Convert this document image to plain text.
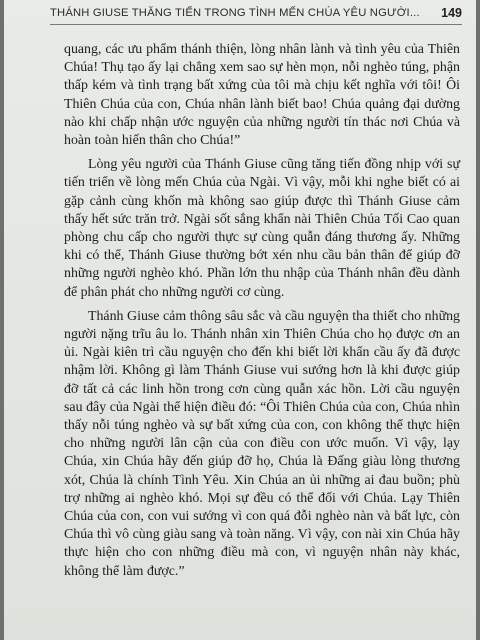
THÁNH GIUSE THĂNG TIẾN TRONG TÌNH MẾN CHÚA YÊU NGƯỜI... 149

quang, các ưu phẩm thánh thiện, lòng nhân lành và tình yêu của Thiên Chúa! Thụ tạo ấy lại chẳng xem sao sự hèn mọn, nỗi nghèo túng, phận thấp kém và tình trạng bất xứng của tôi mà chịu kết nghĩa với tôi! Ôi Thiên Chúa của con, Chúa nhân lành biết bao! Chúa quảng đại dường nào khi chấp nhận ước nguyện của những người tín thác nơi Chúa và hoàn toàn hiến thân cho Chúa!”

Lòng yêu người của Thánh Giuse cũng tăng tiến đồng nhịp với sự tiến triển về lòng mến Chúa của Ngài. Vì vậy, mỗi khi nghe biết có ai gặp cảnh cùng khốn mà không sao giúp được thì Thánh Giuse cảm thấy hết sức trăn trở. Ngài sốt sắng khẩn nài Thiên Chúa Tối Cao quan phòng chu cấp cho người thực sự cùng quẫn đáng thương ấy. Những khi có thể, Thánh Giuse thường bớt xén nhu cầu bản thân để giúp đỡ những người nghèo khó. Phần lớn thu nhập của Thánh nhân đều dành để phân phát cho những người cơ cùng.

Thánh Giuse cảm thông sâu sắc và cầu nguyện tha thiết cho những người nặng trĩu âu lo. Thánh nhân xin Thiên Chúa cho họ được ơn an ủi. Ngài kiên trì cầu nguyện cho đến khi biết lời khẩn cầu ấy đã được nhậm lời. Không gì làm Thánh Giuse vui sướng hơn là khi được giúp đỡ tất cả các linh hồn trong cơn cùng quẫn xác hồn. Lời cầu nguyện sau đây của Ngài thể hiện điều đó: “Ôi Thiên Chúa của con, Chúa nhìn thấy nỗi túng nghèo và sự bất xứng của con, con không thể thực hiện cho những người lân cận của con điều con ước muốn. Vì vậy, lạy Chúa, xin Chúa hãy đến giúp đỡ họ, Chúa là Đấng giàu lòng thương xót, Chúa là chính Tình Yêu. Xin Chúa an ủi những ai đau buồn; phù trợ những ai nghèo khó. Mọi sự đều có thể đối với Chúa. Lạy Thiên Chúa của con, con vui sướng vì con quá đỗi nghèo nàn và bất lực, còn Chúa thì vô cùng giàu sang và toàn năng. Vì vậy, con nài xin Chúa hãy thực hiện cho con những điều mà con, vì nguyện nhân này khác, không thể làm được.”
